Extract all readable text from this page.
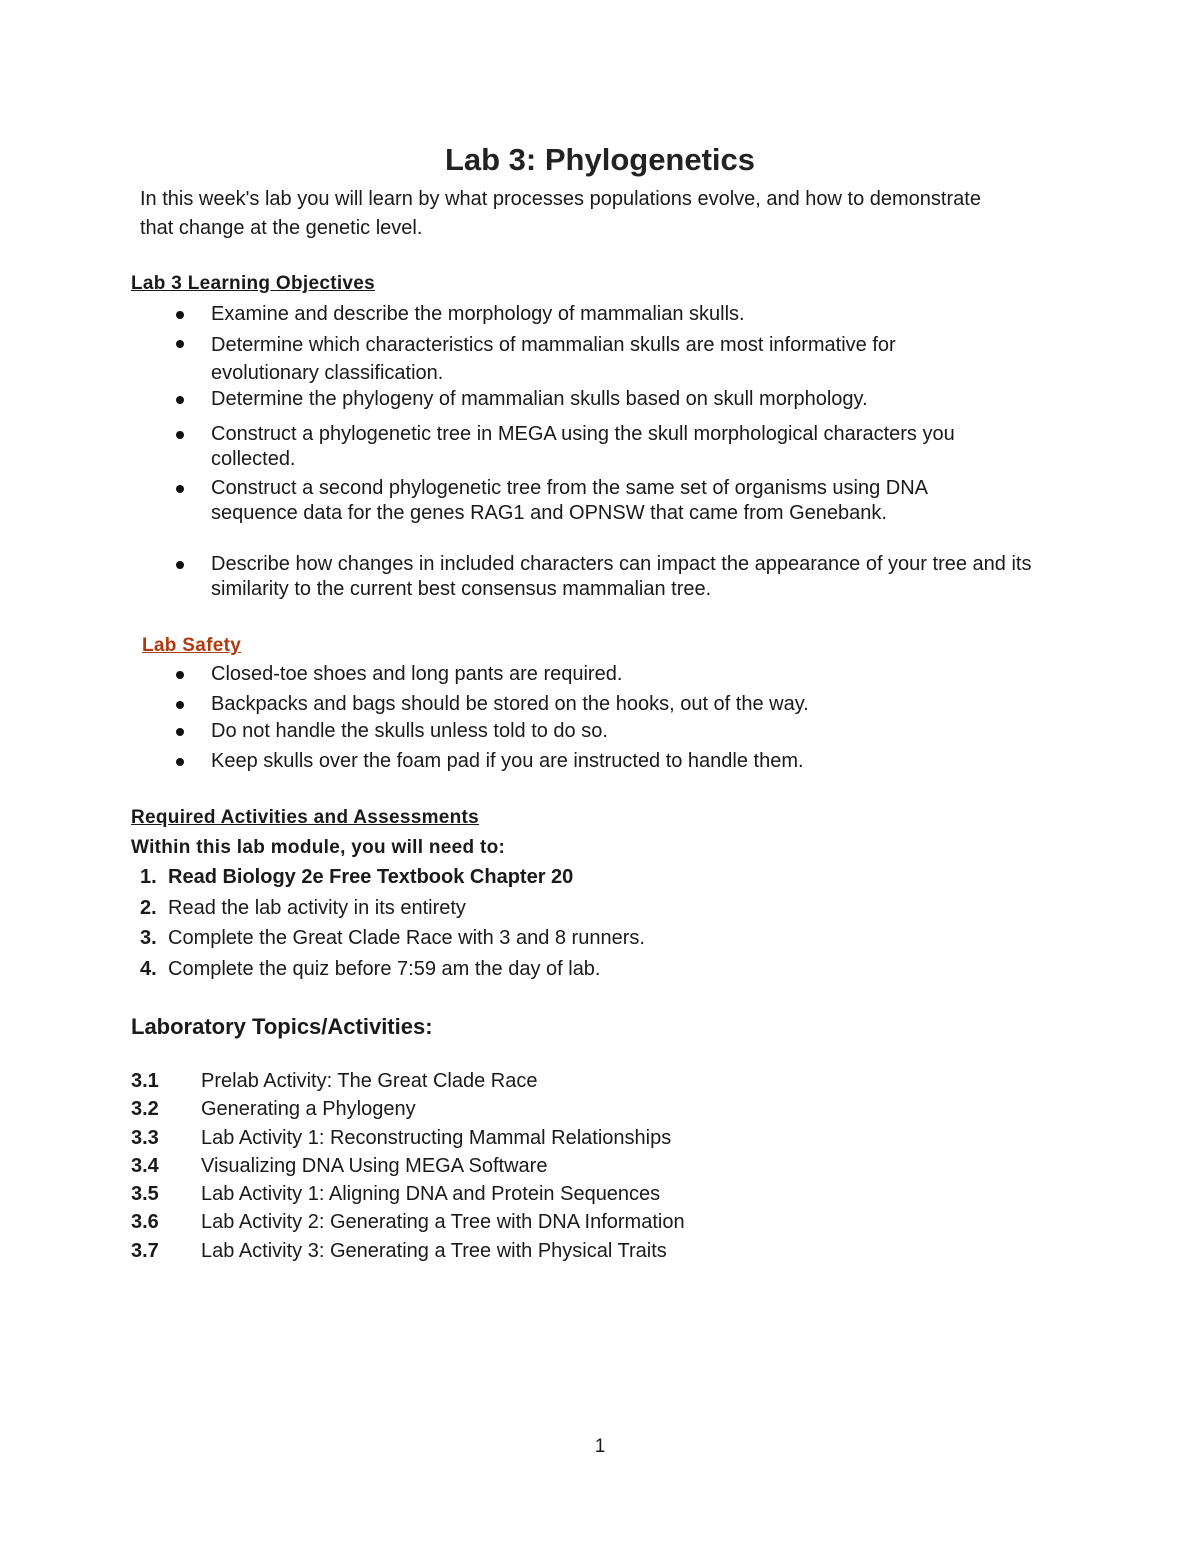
Lab 3: Phylogenetics
In this week's lab you will learn by what processes populations evolve, and how to demonstrate
that change at the genetic level.
Lab 3 Learning Objectives
Examine and describe the morphology of mammalian skulls.
Determine which characteristics of mammalian skulls are most informative for evolutionary classification.
Determine the phylogeny of mammalian skulls based on skull morphology.
Construct a phylogenetic tree in MEGA using the skull morphological characters you collected.
Construct a second phylogenetic tree from the same set of organisms using DNA sequence data for the genes RAG1 and OPNSW that came from Genebank.
Describe how changes in included characters can impact the appearance of your tree and its similarity to the current best consensus mammalian tree.
Lab Safety
Closed-toe shoes and long pants are required.
Backpacks and bags should be stored on the hooks, out of the way.
Do not handle the skulls unless told to do so.
Keep skulls over the foam pad if you are instructed to handle them.
Required Activities and Assessments
Within this lab module, you will need to:
1. Read Biology 2e Free Textbook Chapter 20
2. Read the lab activity in its entirety
3. Complete the Great Clade Race with 3 and 8 runners.
4. Complete the quiz before 7:59 am the day of lab.
Laboratory Topics/Activities:
3.1 Prelab Activity: The Great Clade Race
3.2 Generating a Phylogeny
3.3 Lab Activity 1: Reconstructing Mammal Relationships
3.4 Visualizing DNA Using MEGA Software
3.5 Lab Activity 1: Aligning DNA and Protein Sequences
3.6 Lab Activity 2: Generating a Tree with DNA Information
3.7 Lab Activity 3: Generating a Tree with Physical Traits
1
